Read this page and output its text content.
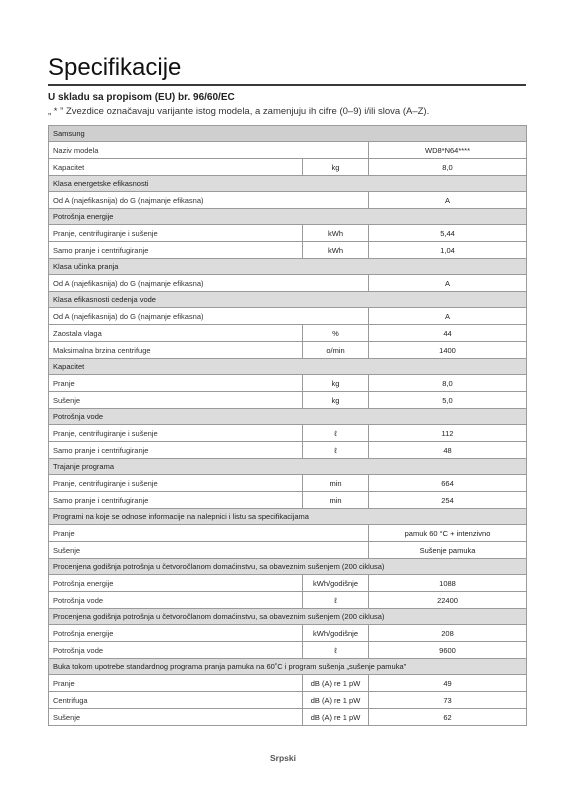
Specifikacije
U skladu sa propisom (EU) br. 96/60/EC
„ * ” Zvezdice označavaju varijante istog modela, a zamenjuju ih cifre (0–9) i/ili slova (A–Z).
Samsung		
Naziv modela		WD8*N64****
Kapacitet	kg	8,0
Klasa energetske efikasnosti		
Od A (najefikasnija) do G (najmanje efikasna)		A
Potrošnja energije		
Pranje, centrifugiranje i sušenje	kWh	5,44
Samo pranje i centrifugiranje	kWh	1,04
Klasa učinka pranja		
Od A (najefikasnija) do G (najmanje efikasna)		A
Klasa efikasnosti cedenja vode		
Od A (najefikasnija) do G (najmanje efikasna)		A
Zaostala vlaga	%	44
Maksimalna brzina centrifuge	o/min	1400
Kapacitet		
Pranje	kg	8,0
Sušenje	kg	5,0
Potrošnja vode		
Pranje, centrifugiranje i sušenje	ℓ	112
Samo pranje i centrifugiranje	ℓ	48
Trajanje programa		
Pranje, centrifugiranje i sušenje	min	664
Samo pranje i centrifugiranje	min	254
Programi na koje se odnose informacije na nalepnici i listu sa specifikacijama		
Pranje		pamuk 60 °C + intenzivno
Sušenje		Sušenje pamuka
Procenjena godišnja potrošnja u četvoročlanom domaćinstvu, sa obaveznim sušenjem (200 ciklusa)		
Potrošnja energije	kWh/godišnje	1088
Potrošnja vode	ℓ	22400
Procenjena godišnja potrošnja u četvoročlanom domaćinstvu, sa obaveznim sušenjem (200 ciklusa)		
Potrošnja energije	kWh/godišnje	208
Potrošnja vode	ℓ	9600
Buka tokom upotrebe standardnog programa pranja pamuka na 60˚C i program sušenja „sušenje pamuka”		
Pranje	dB (A) re 1 pW	49
Centrifuga	dB (A) re 1 pW	73
Sušenje	dB (A) re 1 pW	62
Srpski
